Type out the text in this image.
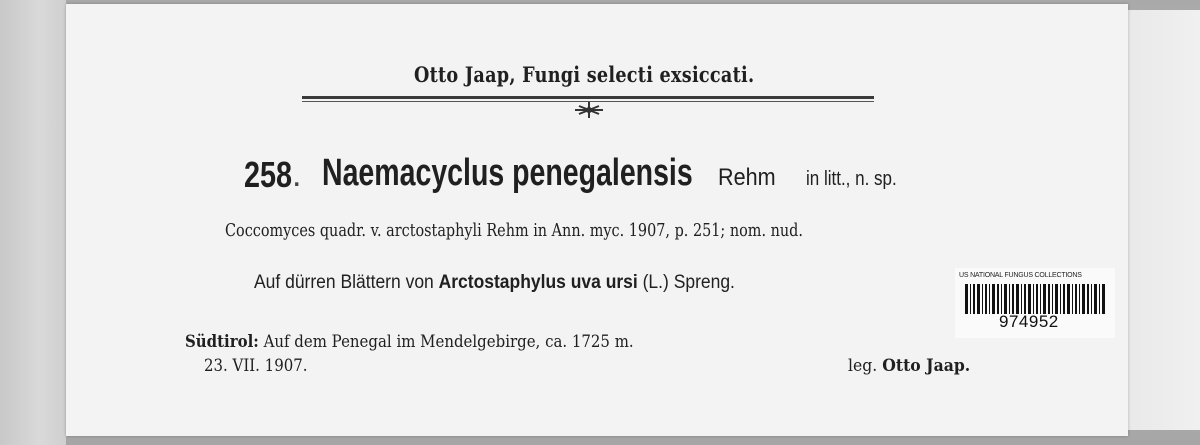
Otto Jaap, Fungi selecti exsiccati.
258 . Naemacyclus penegalensis Rehm in litt., n. sp.
Coccomyces quadr. v. arctostaphyli Rehm in Ann. myc. 1907, p. 251; nom. nud.
Auf dürren Blättern von Arctostaphylus uva ursi (L.) Spreng.
Südtirol: Auf dem Penegal im Mendelgebirge, ca. 1725 m.
23. VII. 1907.	leg. Otto Jaap.
US NATIONAL FUNGUS COLLECTIONS
974952
